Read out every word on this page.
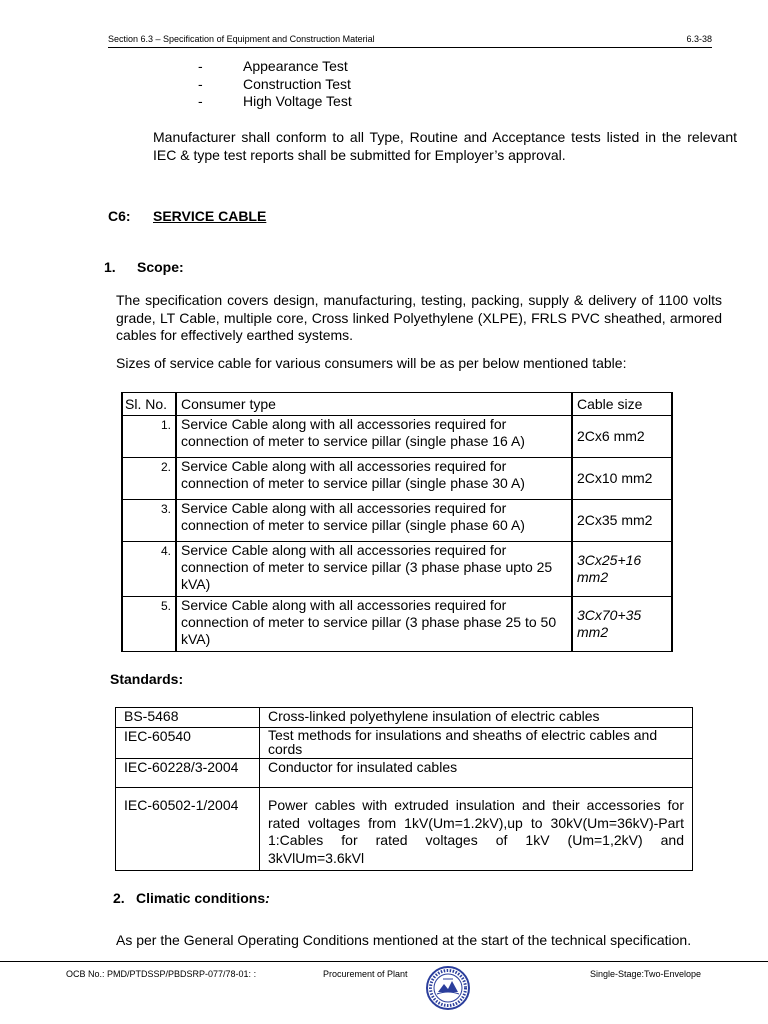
Section 6.3 – Specification of Equipment and Construction Material	6.3-38
-	Appearance Test
-	Construction Test
-	High Voltage Test
Manufacturer shall conform to all Type, Routine and Acceptance tests listed in the relevant IEC & type test reports shall be submitted for Employer’s approval.
C6: SERVICE CABLE
1. Scope:
The specification covers design, manufacturing, testing, packing, supply & delivery of 1100 volts grade, LT Cable, multiple core, Cross linked Polyethylene (XLPE), FRLS PVC sheathed, armored cables for effectively earthed systems.
Sizes of service cable for various consumers will be as per below mentioned table:
Sl. No.	Consumer type	Cable size
1.	Service Cable along with all accessories required for connection of meter to service pillar (single phase 16 A)	2Cx6 mm2
2.	Service Cable along with all accessories required for connection of meter to service pillar (single phase 30 A)	2Cx10 mm2
3.	Service Cable along with all accessories required for connection of meter to service pillar (single phase 60 A)	2Cx35 mm2
4.	Service Cable along with all accessories required for connection of meter to service pillar (3 phase phase upto 25 kVA)	3Cx25+16 mm2
5.	Service Cable along with all accessories required for connection of meter to service pillar (3 phase phase 25 to 50 kVA)	3Cx70+35 mm2
Standards:
BS-5468	Cross-linked polyethylene insulation of electric cables
IEC-60540	Test methods for insulations and sheaths of electric cables and cords
IEC-60228/3-2004	Conductor for insulated cables
IEC-60502-1/2004	Power cables with extruded insulation and their accessories for rated voltages from 1kV(Um=1.2kV),up to 30kV(Um=36kV)-Part 1:Cables for rated voltages of 1kV (Um=1,2kV) and 3kVlUm=3.6kVl
2. Climatic conditions:
As per the General Operating Conditions mentioned at the start of the technical specification.
OCB No.: PMD/PTDSSP/PBDSRP-077/78-01: :	Procurement of Plant	Single-Stage:Two-Envelope
